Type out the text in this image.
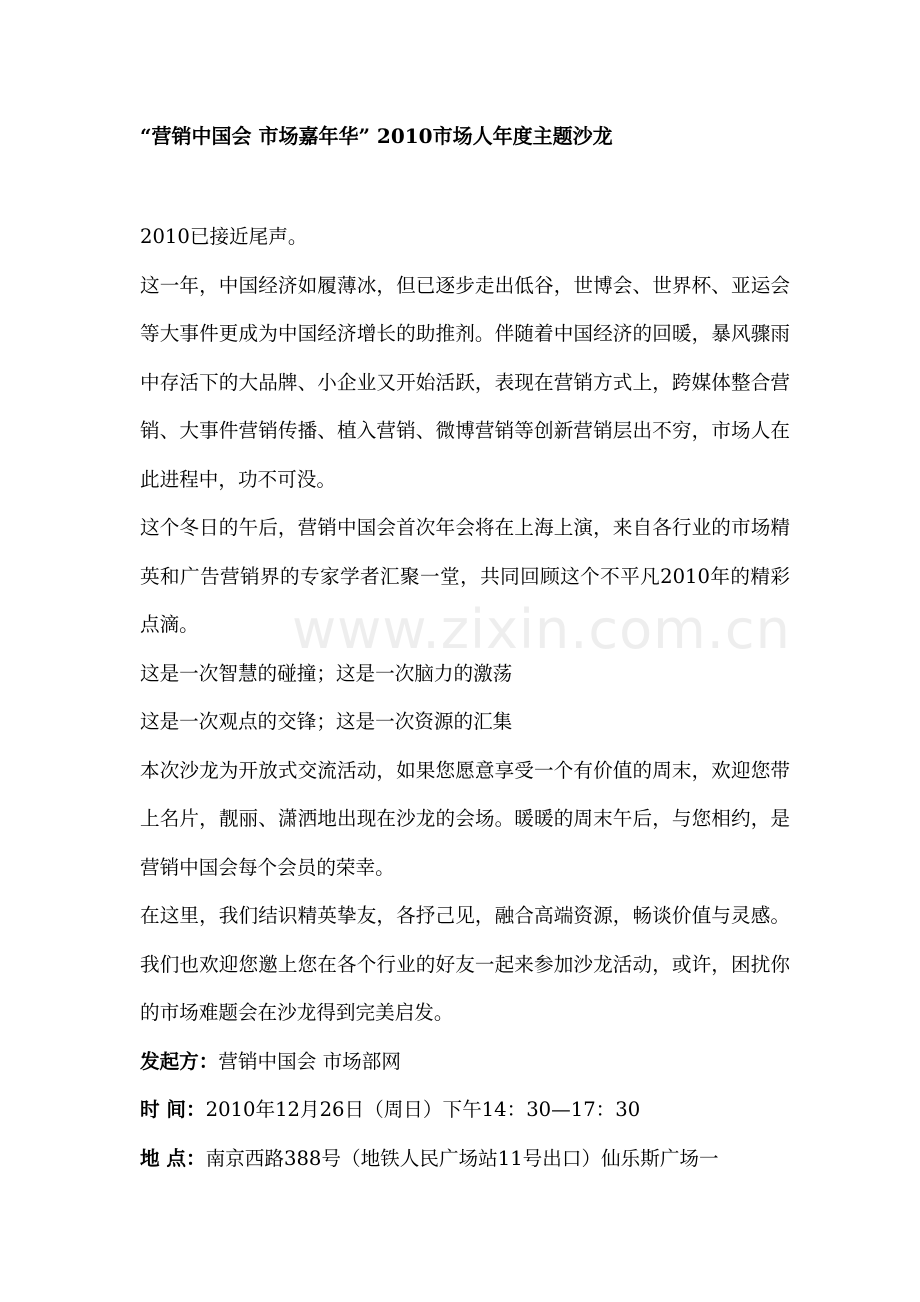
“营销中国会 市场嘉年华” 2010市场人年度主题沙龙

2010已接近尾声。

这一年，中国经济如履薄冰，但已逐步走出低谷，世博会、世界杯、亚运会等大事件更成为中国经济增长的助推剂。伴随着中国经济的回暖，暴风骤雨中存活下的大品牌、小企业又开始活跃，表现在营销方式上，跨媒体整合营销、大事件营销传播、植入营销、微博营销等创新营销层出不穷，市场人在此进程中，功不可没。

这个冬日的午后，营销中国会首次年会将在上海上演，来自各行业的市场精英和广告营销界的专家学者汇聚一堂，共同回顾这个不平凡2010年的精彩点滴。

这是一次智慧的碰撞；这是一次脑力的激荡

这是一次观点的交锋；这是一次资源的汇集

本次沙龙为开放式交流活动，如果您愿意享受一个有价值的周末，欢迎您带上名片，靓丽、潇洒地出现在沙龙的会场。暖暖的周末午后，与您相约，是营销中国会每个会员的荣幸。

在这里，我们结识精英挚友，各抒己见，融合高端资源，畅谈价值与灵感。我们也欢迎您邀上您在各个行业的好友一起来参加沙龙活动，或许，困扰你的市场难题会在沙龙得到完美启发。

发起方：营销中国会 市场部网

时 间：2010年12月26日（周日）下午14：30—17：30

地 点：南京西路388号（地铁人民广场站11号出口）仙乐斯广场一

www.zixin.com.cn
